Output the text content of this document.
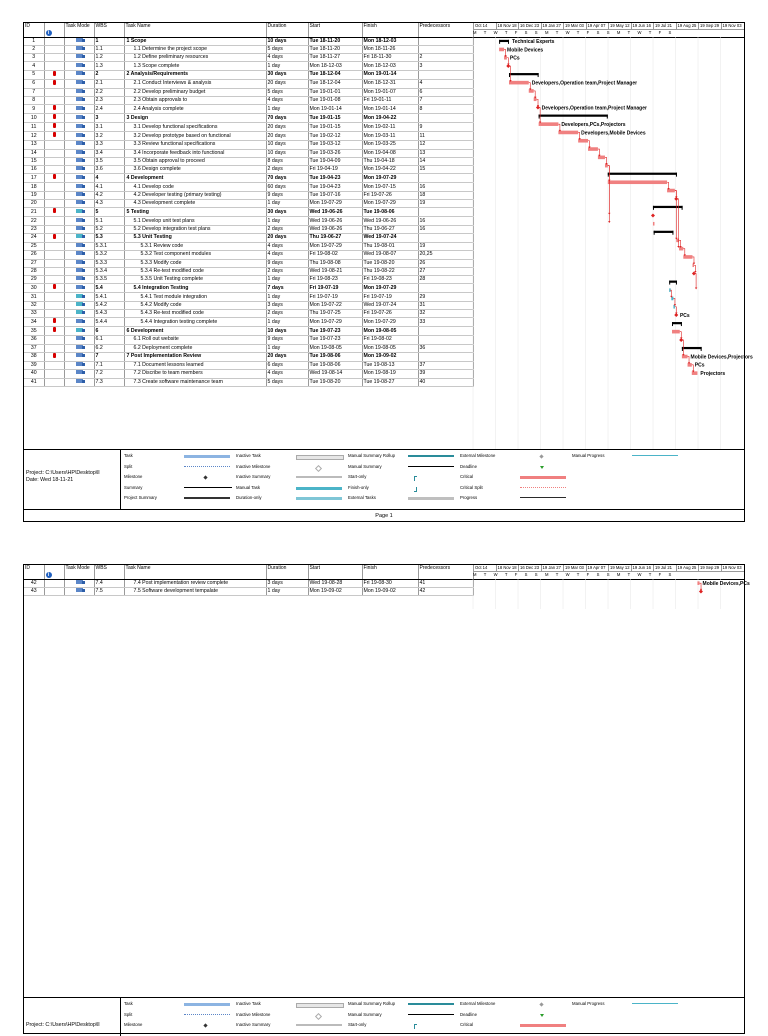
ID	i	Task Mode	WBS	Task Name	Duration	Start	Finish	Predecessors
1			1	1 Scope	10 days	Tue 18-11-20	Mon 18-12-03	
2			1.1	1.1 Determine the project scope	5 days	Tue 18-11-20	Mon 18-11-26	
3			1.2	1.2 Define preliminary resources	4 days	Tue 18-11-27	Fri 18-11-30	2
4			1.3	1.3 Scope complete	1 day	Mon 18-12-03	Mon 18-12-03	3
5			2	2 Analysis/Requirements	30 days	Tue 18-12-04	Mon 19-01-14	
6			2.1	2.1 Conduct Interviews & analysis	20 days	Tue 18-12-04	Mon 18-12-31	4
7			2.2	2.2 Develop preliminary budget	5 days	Tue 19-01-01	Mon 19-01-07	6
8			2.3	2.3 Obtain approvals to	4 days	Tue 19-01-08	Fri 19-01-11	7
9			2.4	2.4 Analysis complete	1 day	Mon 19-01-14	Mon 19-01-14	8
10			3	3 Design	70 days	Tue 19-01-15	Mon 19-04-22	
11			3.1	3.1 Develop functional specifications	20 days	Tue 19-01-15	Mon 19-02-11	9
12			3.2	3.2 Develop prototype based on functional	20 days	Tue 19-02-12	Mon 19-03-11	11
13			3.3	3.3 Review functional specifications	10 days	Tue 19-03-12	Mon 19-03-25	12
14			3.4	3.4 Incorporate feedback into functional	10 days	Tue 19-03-26	Mon 19-04-08	13
15			3.5	3.5 Obtain approval to proceed	8 days	Tue 19-04-09	Thu 19-04-18	14
16			3.6	3.6 Design complete	2 days	Fri 19-04-19	Mon 19-04-22	15
17			4	4 Development	70 days	Tue 19-04-23	Mon 19-07-29	
18			4.1	4.1 Develop code	60 days	Tue 19-04-23	Mon 19-07-15	16
19			4.2	4.2 Developer testing (primary testing)	9 days	Tue 19-07-16	Fri 19-07-26	18
20			4.3	4.3 Development complete	1 day	Mon 19-07-29	Mon 19-07-29	19
21			5	5 Testing	30 days	Wed 19-06-26	Tue 19-08-06	
22			5.1	5.1 Develop unit test plans	1 day	Wed 19-06-26	Wed 19-06-26	16
23			5.2	5.2 Develop integration test plans	2 days	Wed 19-06-26	Thu 19-06-27	16
24			5.3	5.3 Unit Testing	20 days	Thu 19-06-27	Wed 19-07-24	
25			5.3.1	5.3.1 Review code	4 days	Mon 19-07-29	Thu 19-08-01	19
26			5.3.2	5.3.2 Test component modules	4 days	Fri 19-08-02	Wed 19-08-07	20,25
27			5.3.3	5.3.3 Modify code	9 days	Thu 19-08-08	Tue 19-08-20	26
28			5.3.4	5.3.4 Re-test modified code	2 days	Wed 19-08-21	Thu 19-08-22	27
29			5.3.5	5.3.5 Unit Testing complete	1 day	Fri 19-08-23	Fri 19-08-23	28
30			5.4	5.4 Integration Testing	7 days	Fri 19-07-19	Mon 19-07-29	
31			5.4.1	5.4.1 Test module integration	1 day	Fri 19-07-19	Fri 19-07-19	29
32			5.4.2	5.4.2 Modify code	3 days	Mon 19-07-22	Wed 19-07-24	31
33			5.4.3	5.4.3 Re-test modified code	2 days	Thu 19-07-25	Fri 19-07-26	32
34			5.4.4	5.4.4 Integration testing complete	1 day	Mon 19-07-29	Mon 19-07-29	33
35			6	6 Development	10 days	Tue 19-07-23	Mon 19-08-05	
36			6.1	6.1 Roll out website	9 days	Tue 19-07-23	Fri 19-08-02	
37			6.2	6.2 Deployment complete	1 day	Mon 19-08-05	Mon 19-08-05	36
38			7	7 Post Implementation Review	20 days	Tue 19-08-06	Mon 19-09-02	
39			7.1	7.1 Document lessons learned	6 days	Tue 19-08-06	Tue 19-08-13	37
40			7.2	7.2 Discribe to team members	4 days	Wed 19-08-14	Mon 19-08-19	39
41			7.3	7.3 Create software maintenance team	5 days	Tue 19-08-20	Tue 19-08-27	40
Oct 14 18 Nov 18 16 Dec 23 19 Jan 27 19 Mar 03 19 Apr 07 19 May 12 19 Jun 16 19 Jul 21 19 Aug 25 19 Sep 29 19 Nov 03
M T W T F S S M T W T F S S M T W T F S
Technical Experts
Mobile Devices
PCs
Developers,Operation team,Project Manager
Developers,Operation team,Project Manager
Developers,PCs,Projectors
Developers,Mobile Devices
PCs
Mobile Devices,Projectors
PCs
Projectors
Project: C:\Users\HP\Desktop\ll
Date: Wed 18-11-21
Task
Split
Milestone
Summary
Project Summary
Inactive Task
Inactive Milestone
Inactive Summary
Manual Task
Duration-only
Manual Summary Rollup
Manual Summary
Start-only
Finish-only
External Tasks
External Milestone
Deadline
Critical
Critical Split
Progress
Manual Progress
Page 1
ID	i	Task Mode	WBS	Task Name	Duration	Start	Finish	Predecessors
42			7.4	7.4 Post implementation review complete	3 days	Wed 19-08-28	Fri 19-08-30	41
43			7.5	7.5 Software development tempalate	1 day	Mon 19-09-02	Mon 19-09-02	42
Oct 14 18 Nov 18 16 Dec 23 19 Jan 27 19 Mar 03 19 Apr 07 19 May 12 19 Jun 16 19 Jul 21 19 Aug 25 19 Sep 29 19 Nov 03
M T W T F S S M T W T F S S M T W T F S
Mobile Devices,PCs
Project: C:\Users\HP\Desktop\ll
Task
Split
Milestone
Inactive Task
Inactive Milestone
Inactive Summary
Manual Summary Rollup
Manual Summary
Start-only
External Milestone
Deadline
Critical
Manual Progress
